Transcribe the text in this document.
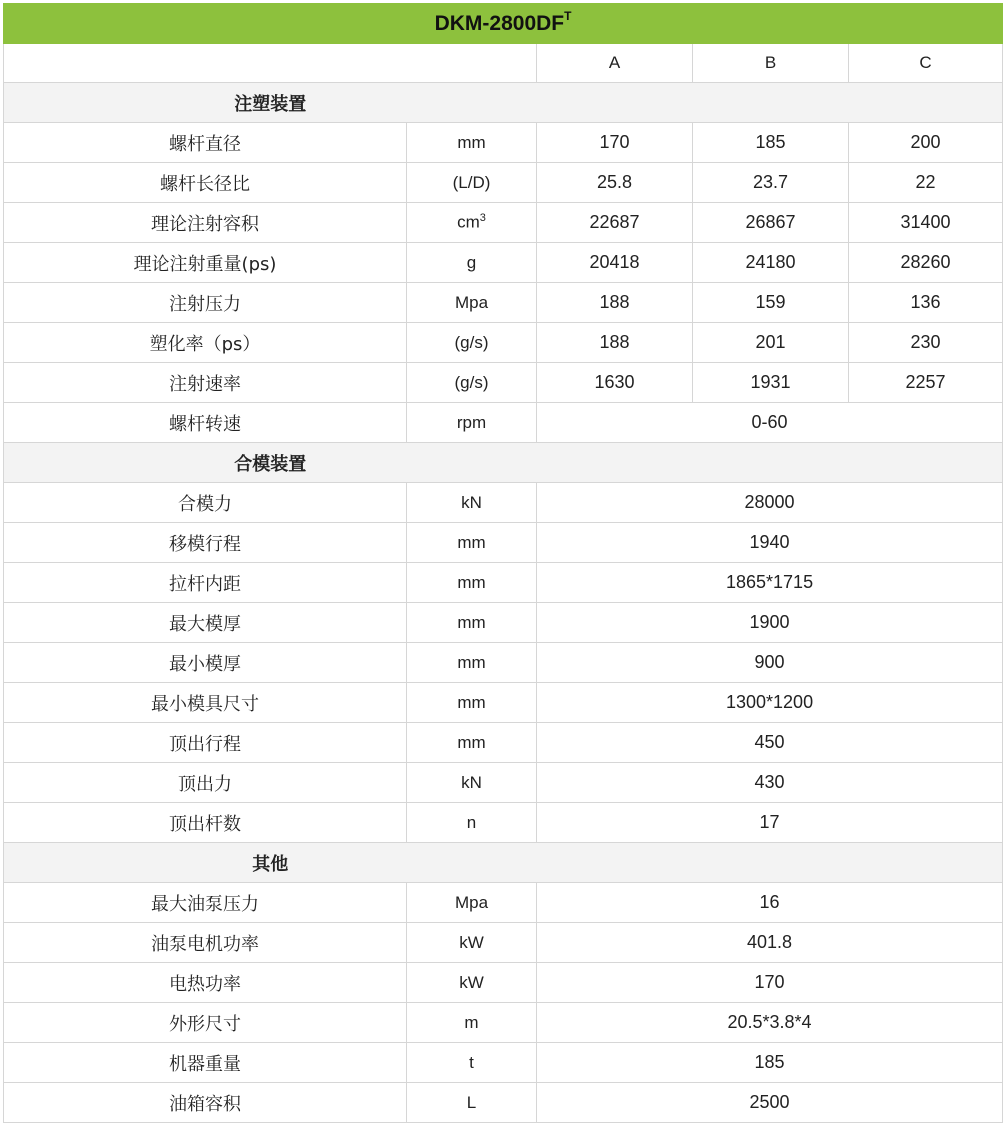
DKM-$2800DF^T$
		A	B	C
注塑装置				
螺杆直径	mm	170	185	200
螺杆长径比	(L/D)	25.8	23.7	22
理论注射容积	$cm^3$	22687	26867	31400
理论注射重量(ps)	g	20418	24180	28260
注射压力	Mpa	188	159	136
塑化率（ps）	(g/s)	188	201	230
注射速率	(g/s)	1630	1931	2257
螺杆转速	rpm	0-60		
合模装置				
合模力	kN	28000		
移模行程	mm	1940		
拉杆内距	mm	1865*1715		
最大模厚	mm	1900		
最小模厚	mm	900		
最小模具尺寸	mm	1300*1200		
顶出行程	mm	450		
顶出力	kN	430		
顶出杆数	n	17		
其他				
最大油泵压力	Mpa	16		
油泵电机功率	kW	401.8		
电热功率	kW	170		
外形尺寸	m	20.5*3.8*4		
机器重量	t	185		
油箱容积	L	2500		
